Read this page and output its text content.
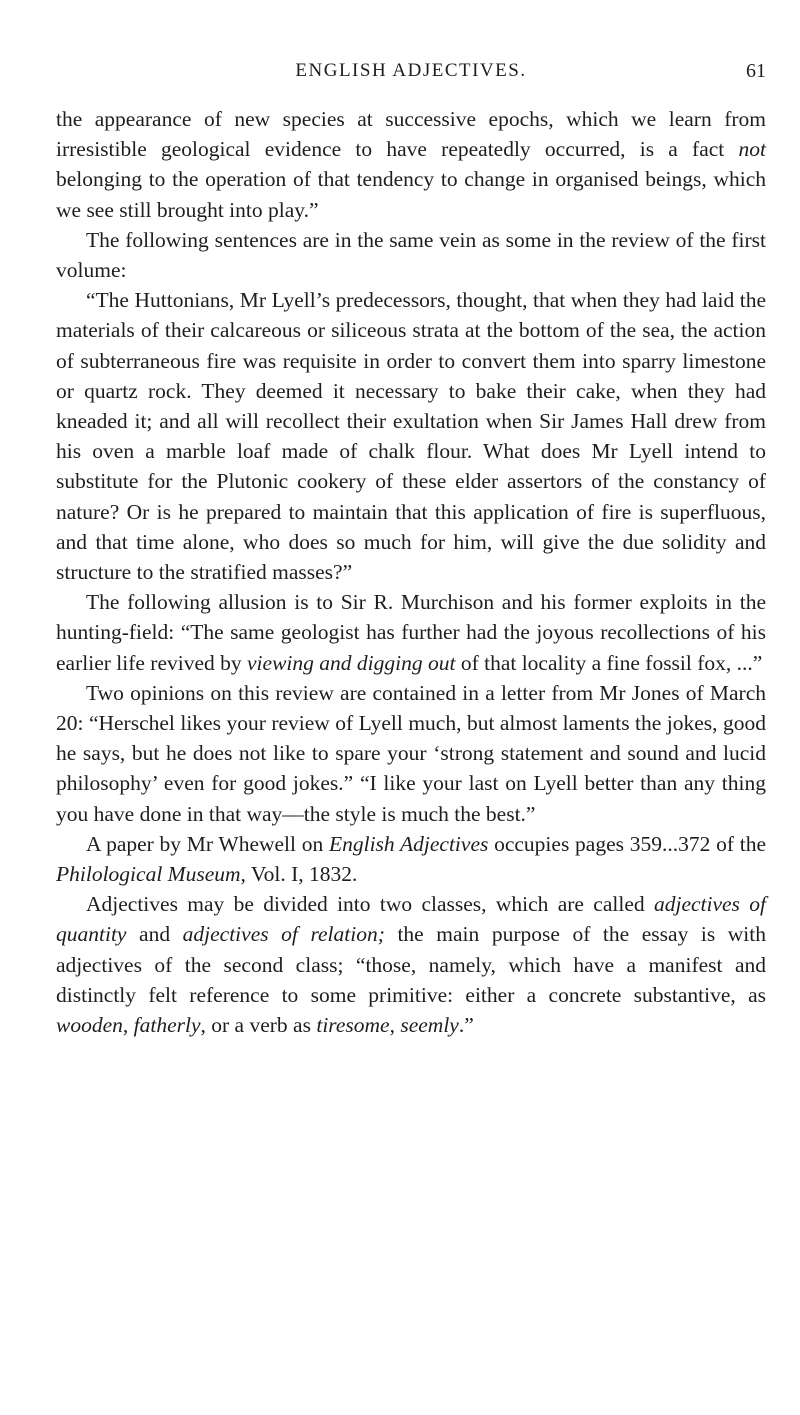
ENGLISH ADJECTIVES.	61

the appearance of new species at successive epochs, which we learn from irresistible geological evidence to have repeatedly occurred, is a fact not belonging to the operation of that tendency to change in organised beings, which we see still brought into play.”

The following sentences are in the same vein as some in the review of the first volume:

“The Huttonians, Mr Lyell’s predecessors, thought, that when they had laid the materials of their calcareous or siliceous strata at the bottom of the sea, the action of subterraneous fire was requisite in order to convert them into sparry limestone or quartz rock. They deemed it necessary to bake their cake, when they had kneaded it; and all will recollect their exultation when Sir James Hall drew from his oven a marble loaf made of chalk flour. What does Mr Lyell intend to substitute for the Plutonic cookery of these elder assertors of the constancy of nature? Or is he prepared to maintain that this application of fire is superfluous, and that time alone, who does so much for him, will give the due solidity and structure to the stratified masses?”

The following allusion is to Sir R. Murchison and his former exploits in the hunting-field: “The same geologist has further had the joyous recollections of his earlier life revived by viewing and digging out of that locality a fine fossil fox, ...”

Two opinions on this review are contained in a letter from Mr Jones of March 20: “Herschel likes your review of Lyell much, but almost laments the jokes, good he says, but he does not like to spare your ‘strong statement and sound and lucid philosophy’ even for good jokes.” “I like your last on Lyell better than any thing you have done in that way—the style is much the best.”

A paper by Mr Whewell on English Adjectives occupies pages 359...372 of the Philological Museum, Vol. I, 1832.

Adjectives may be divided into two classes, which are called adjectives of quantity and adjectives of relation; the main purpose of the essay is with adjectives of the second class; “those, namely, which have a manifest and distinctly felt reference to some primitive: either a concrete substantive, as wooden, fatherly, or a verb as tiresome, seemly.”
